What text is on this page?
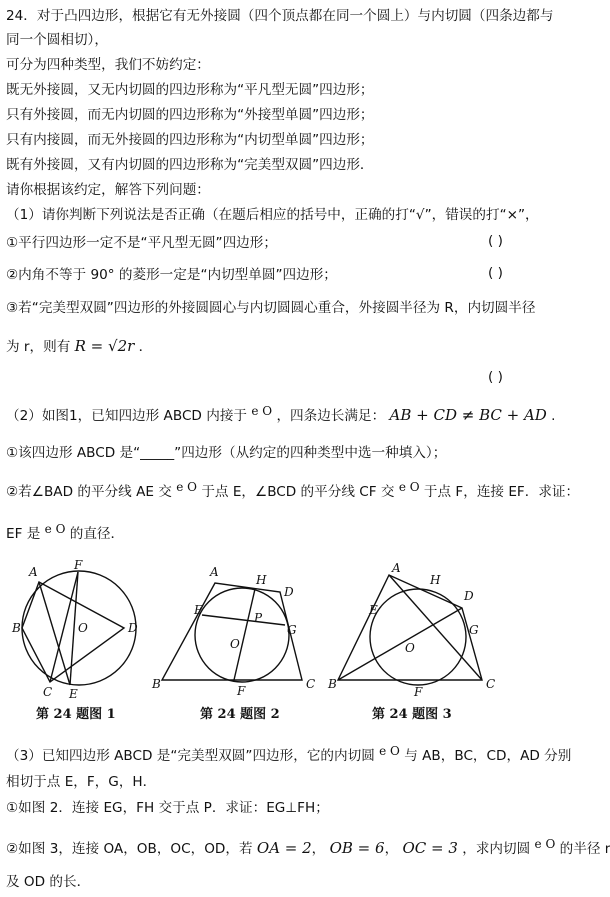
24．对于凸四边形，根据它有无外接圆（四个顶点都在同一个圆上）与内切圆（四条边都与
同一个圆相切），
可分为四种类型，我们不妨约定：
既无外接圆，又无内切圆的四边形称为“平凡型无圆”四边形；
只有外接圆，而无内切圆的四边形称为“外接型单圆”四边形；
只有内接圆，而无外接圆的四边形称为“内切型单圆”四边形；
既有外接圆，又有内切圆的四边形称为“完美型双圆”四边形．
请你根据该约定，解答下列问题：
（1）请你判断下列说法是否正确（在题后相应的括号中，正确的打“√”，错误的打“×”，
①平行四边形一定不是“平凡型无圆”四边形；	( )
②内角不等于 90° 的菱形一定是“内切型单圆”四边形；	( )
③若“完美型双圆”四边形的外接圆圆心与内切圆圆心重合，外接圆半径为 R，内切圆半径
为 r，则有 R = √2r ．
( )
（2）如图1，已知四边形 ABCD 内接于 e O ，四条边长满足： AB + CD ≠ BC + AD .
①该四边形 ABCD 是“_____”四边形（从约定的四种类型中选一种填入）；
②若∠BAD 的平分线 AE 交 e O 于点 E，∠BCD 的平分线 CF 交 e O 于点 F，连接 EF．求证：
EF 是 e O 的直径．
A	F
B	O	D
C E
A
H
D
E
P
G
O
B	F	C
A
H
D
E
G
O
B
F
C
第 24 题图 1	第 24 题图 2	第 24 题图 3
（3）已知四边形 ABCD 是“完美型双圆”四边形，它的内切圆 e O 与 AB，BC，CD，AD 分别
相切于点 E，F，G，H．
①如图 2．连接 EG，FH 交于点 P．求证：EG⊥FH；
②如图 3，连接 OA，OB，OC，OD，若 OA = 2， OB = 6， OC = 3 ，求内切圆 e O 的半径 r
及 OD 的长．
